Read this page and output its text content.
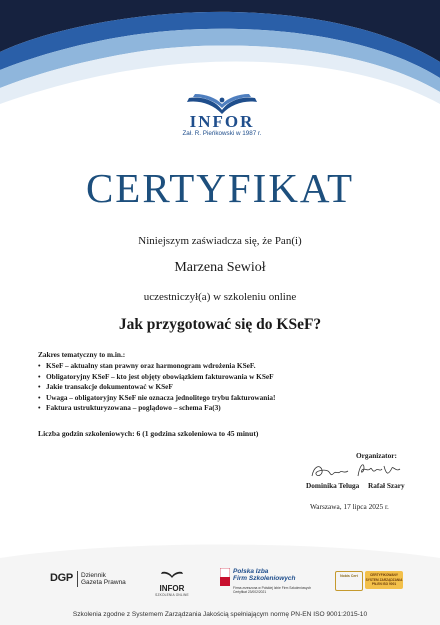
INFOR
Zał. R. Pieńkowski w 1987 r.
CERTYFIKAT
Niniejszym zaświadcza się, że Pan(i)
Marzena Sewioł
uczestniczył(a) w szkoleniu online
Jak przygotować się do KSeF?
Zakres tematyczny to m.in.:
• KSeF – aktualny stan prawny oraz harmonogram wdrożenia KSeF.
• Obligatoryjny KSeF – kto jest objęty obowiązkiem fakturowania w KSeF
• Jakie transakcje dokumentować w KSeF
• Uwaga – obligatoryjny KSeF nie oznacza jednolitego trybu fakturowania!
• Faktura ustrukturyzowana – poglądowo – schema Fa(3)
Liczba godzin szkoleniowych: 6 (1 godzina szkoleniowa to 45 minut)
Organizator:
Dominika Teluga Rafał Szary
Warszawa, 17 lipca 2025 r.
DGP Dziennik
Gazeta Prawna
INFOR
SZKOLENIA ONLINE
Polska Izba
Firm Szkoleniowych
Firma zrzeszona w Polskiej Izbie Firm Szkoleniowych
Certyfikat 23/002/2021
Nobis Cert	CERTYFIKOWANY
SYSTEM ZARZĄDZANIA
PN-EN ISO 9001
Szkolenia zgodne z Systemem Zarządzania Jakością spełniającym normę PN-EN ISO 9001:2015-10
